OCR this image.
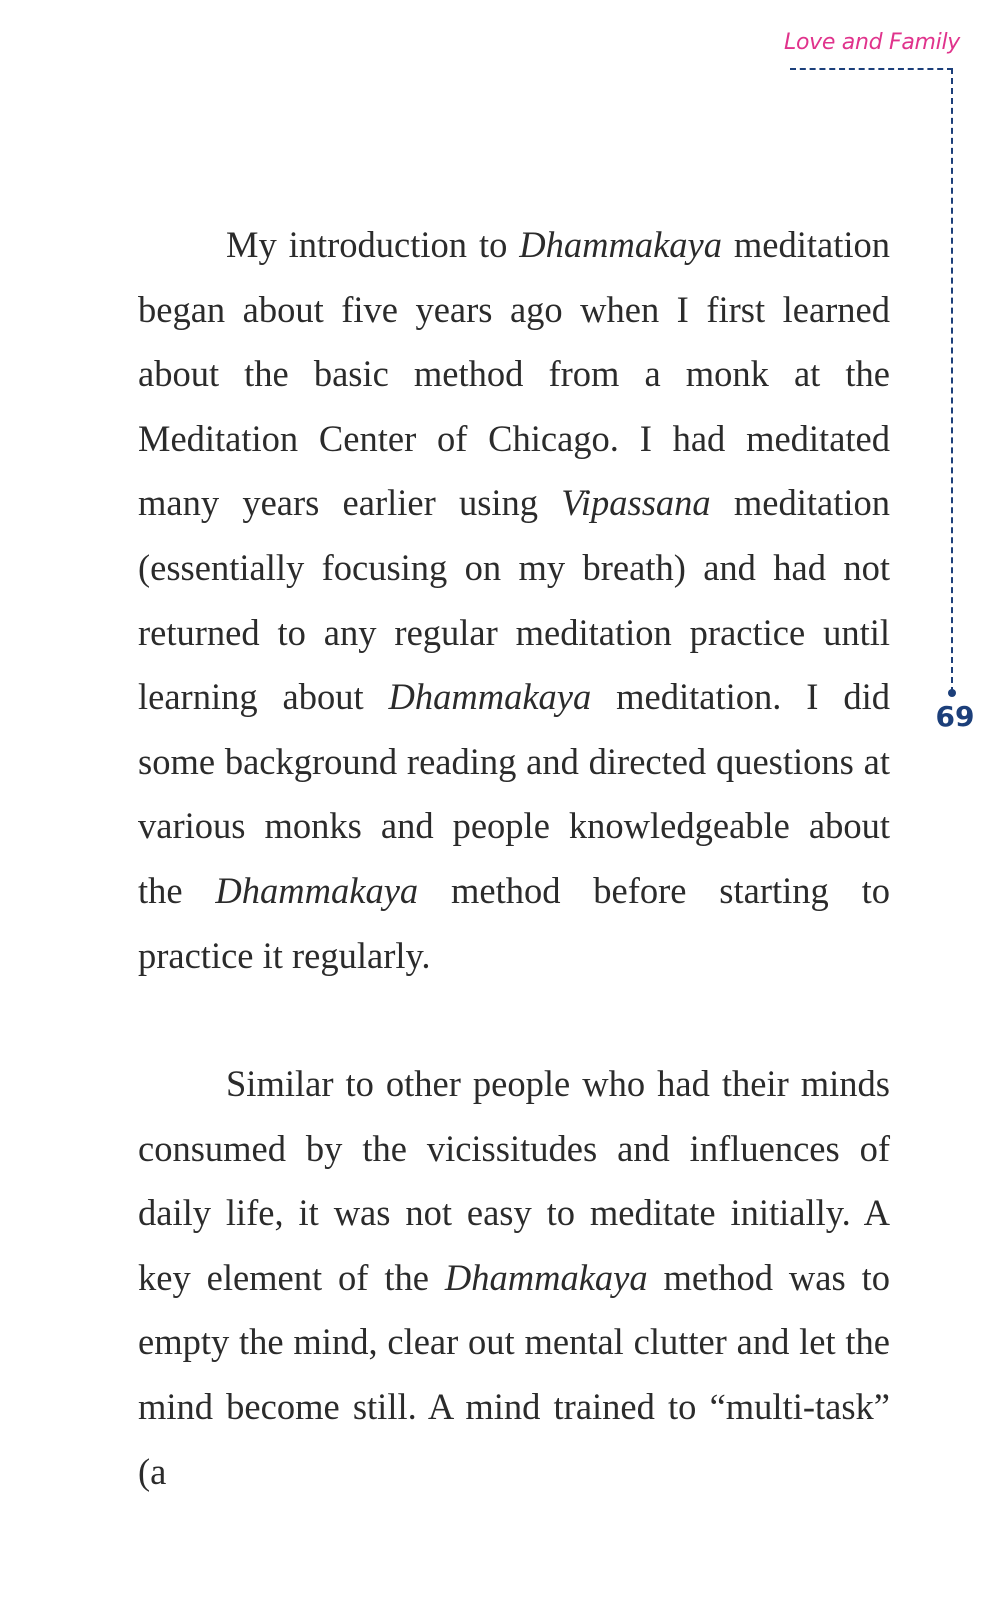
Love and Family
69

My introduction to Dhammakaya meditation began about five years ago when I first learned about the basic method from a monk at the Meditation Center of Chicago. I had meditated many years earlier using Vipassana meditation (essentially focusing on my breath) and had not returned to any regular meditation practice until learning about Dhammakaya meditation. I did some background reading and directed questions at various monks and people knowledgeable about the Dhammakaya method before starting to practice it regularly.

Similar to other people who had their minds consumed by the vicissitudes and influences of daily life, it was not easy to meditate initially. A key element of the Dhammakaya method was to empty the mind, clear out mental clutter and let the mind become still. A mind trained to “multi-task” (a
